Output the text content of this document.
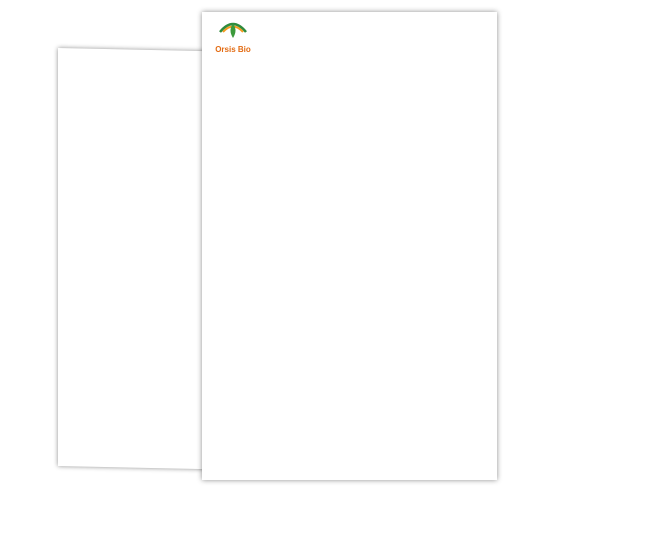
Orsis Bio
